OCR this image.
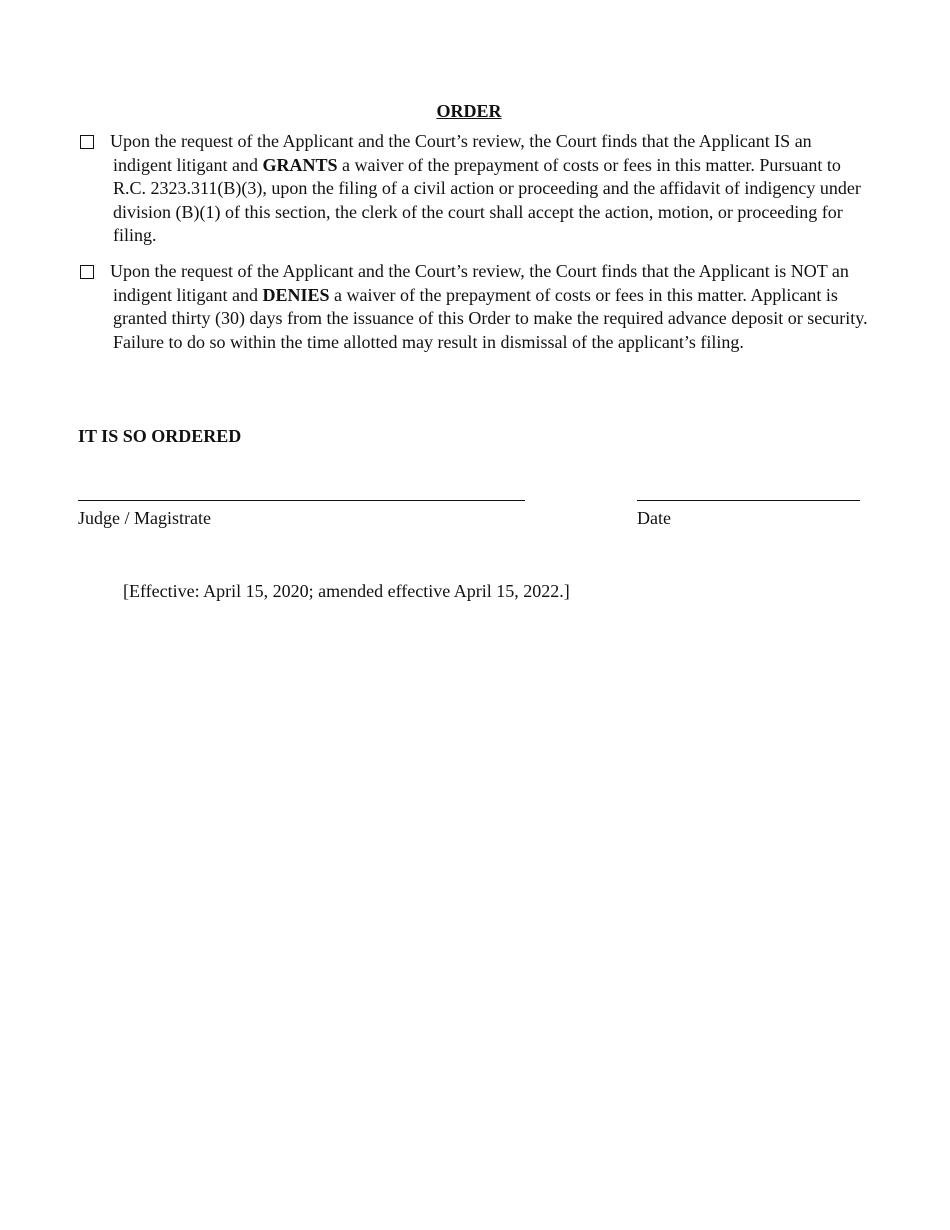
ORDER
Upon the request of the Applicant and the Court’s review, the Court finds that the Applicant IS an indigent litigant and GRANTS a waiver of the prepayment of costs or fees in this matter. Pursuant to R.C. 2323.311(B)(3), upon the filing of a civil action or proceeding and the affidavit of indigency under division (B)(1) of this section, the clerk of the court shall accept the action, motion, or proceeding for filing.
Upon the request of the Applicant and the Court’s review, the Court finds that the Applicant is NOT an indigent litigant and DENIES a waiver of the prepayment of costs or fees in this matter. Applicant is granted thirty (30) days from the issuance of this Order to make the required advance deposit or security. Failure to do so within the time allotted may result in dismissal of the applicant’s filing.
IT IS SO ORDERED
Judge / Magistrate	Date
[Effective: April 15, 2020; amended effective April 15, 2022.]
